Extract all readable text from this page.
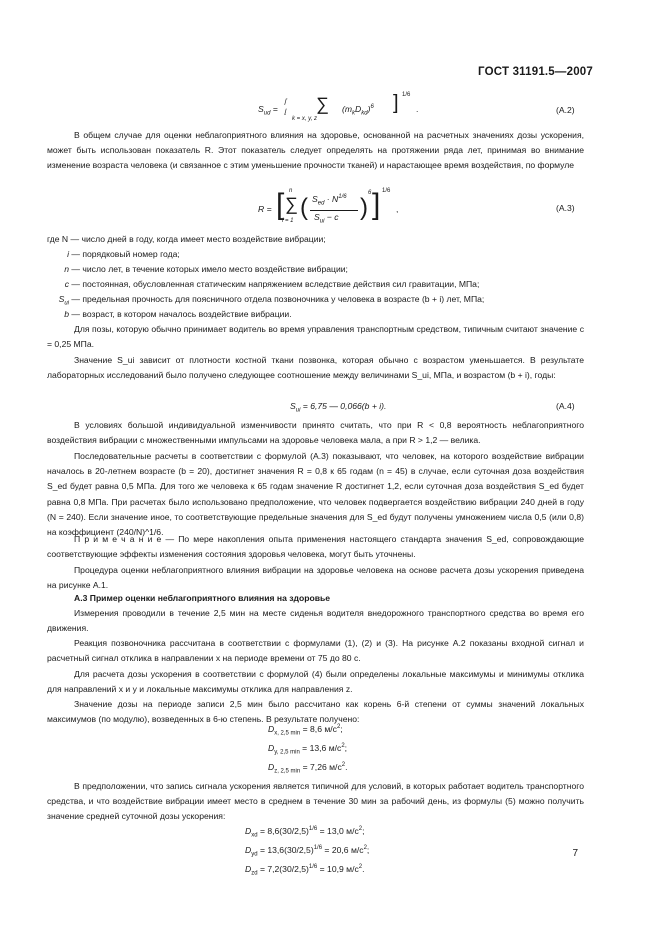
ГОСТ 31191.5—2007
$S_{ud}$ =
⌈
⌊ ∑
k = x, y, z
$(m_kD_{kd})^6$ ] 1/6
.	(A.2)
В общем случае для оценки неблагоприятного влияния на здоровье, основанной на расчетных значениях дозы ускорения, может быть использован показатель R. Этот показатель следует определять на протяжении ряда лет, принимая во внимание изменение возраста человека (и связанное с этим уменьшение прочности тканей) и нарастающее время воздействия, по формуле
R = [ n
∑
i = 1 ( $S_{ed} \cdot N^{1/6}$
$S_{ui} - c$ )
6 ] 1/6
,	(A.3)
где N — число дней в году, когда имеет место воздействие вибрации;
i — порядковый номер года;
n — число лет, в течение которых имело место воздействие вибрации;
c — постоянная, обусловленная статическим напряжением вследствие действия сил гравитации, МПа;
$S_{ui}$ — предельная прочность для поясничного отдела позвоночника у человека в возрасте (b + i) лет, МПа;
b — возраст, в котором началось воздействие вибрации.
Для позы, которую обычно принимает водитель во время управления транспортным средством, типичным считают значение c = 0,25 МПа.
Значение S_ui зависит от плотности костной ткани позвонка, которая обычно с возрастом уменьшается. В результате лабораторных исследований было получено следующее соотношение между величинами S_ui, МПа, и возрастом (b + i), годы:
$S_{ui} = 6,75$ — 0,066(b + i).	(A.4)
В условиях большой индивидуальной изменчивости принято считать, что при R < 0,8 вероятность неблагоприятного воздействия вибрации с множественными импульсами на здоровье человека мала, а при R > 1,2 — велика.
Последовательные расчеты в соответствии с формулой (A.3) показывают, что человек, на которого воздействие вибрации началось в 20-летнем возрасте (b = 20), достигнет значения R = 0,8 к 65 годам (n = 45) в случае, если суточная доза воздействия S_ed будет равна 0,5 МПа. Для того же человека к 65 годам значение R достигнет 1,2, если суточная доза воздействия S_ed будет равна 0,8 МПа. При расчетах было использовано предположение, что человек подвергается воздействию вибрации 240 дней в году (N = 240). Если значение иное, то соответствующие предельные значения для S_ed будут получены умножением числа 0,5 (или 0,8) на коэффициент (240/N)^1/6.
П р и м е ч а н и е — По мере накопления опыта применения настоящего стандарта значения S_ed, сопровождающие соответствующие эффекты изменения состояния здоровья человека, могут быть уточнены.
Процедура оценки неблагоприятного влияния вибрации на здоровье человека на основе расчета дозы ускорения приведена на рисунке A.1.
A.3 Пример оценки неблагоприятного влияния на здоровье
Измерения проводили в течение 2,5 мин на месте сиденья водителя внедорожного транспортного средства во время его движения.
Реакция позвоночника рассчитана в соответствии с формулами (1), (2) и (3). На рисунке A.2 показаны входной сигнал и расчетный сигнал отклика в направлении x на периоде времени от 75 до 80 с.
Для расчета дозы ускорения в соответствии с формулой (4) были определены локальные максимумы и минимумы отклика для направлений x и y и локальные максимумы отклика для направления z.
Значение дозы на периоде записи 2,5 мин было рассчитано как корень 6-й степени от суммы значений локальных максимумов (по модулю), возведенных в 6-ю степень. В результате получено:
$D_{x, 2,5 min} = 8,6$ $м/с^2$;
$D_{y, 2,5 min} = 13,6$ $м/с^2$;
$D_{z, 2,5 min} = 7,26$ $м/с^2$.
В предположении, что запись сигнала ускорения является типичной для условий, в которых работает водитель транспортного средства, и что воздействие вибрации имеет место в среднем в течение 30 мин за рабочий день, из формулы (5) можно получить значение средней суточной дозы ускорения:
$D_{xd} = 8,6(30/2,5)^{1/6} = 13,0$ $м/с^2$;
$D_{yd} = 13,6(30/2,5)^{1/6} = 20,6$ $м/с^2$;
$D_{zd} = 7,2(30/2,5)^{1/6} = 10,9$ $м/с^2$.
7
